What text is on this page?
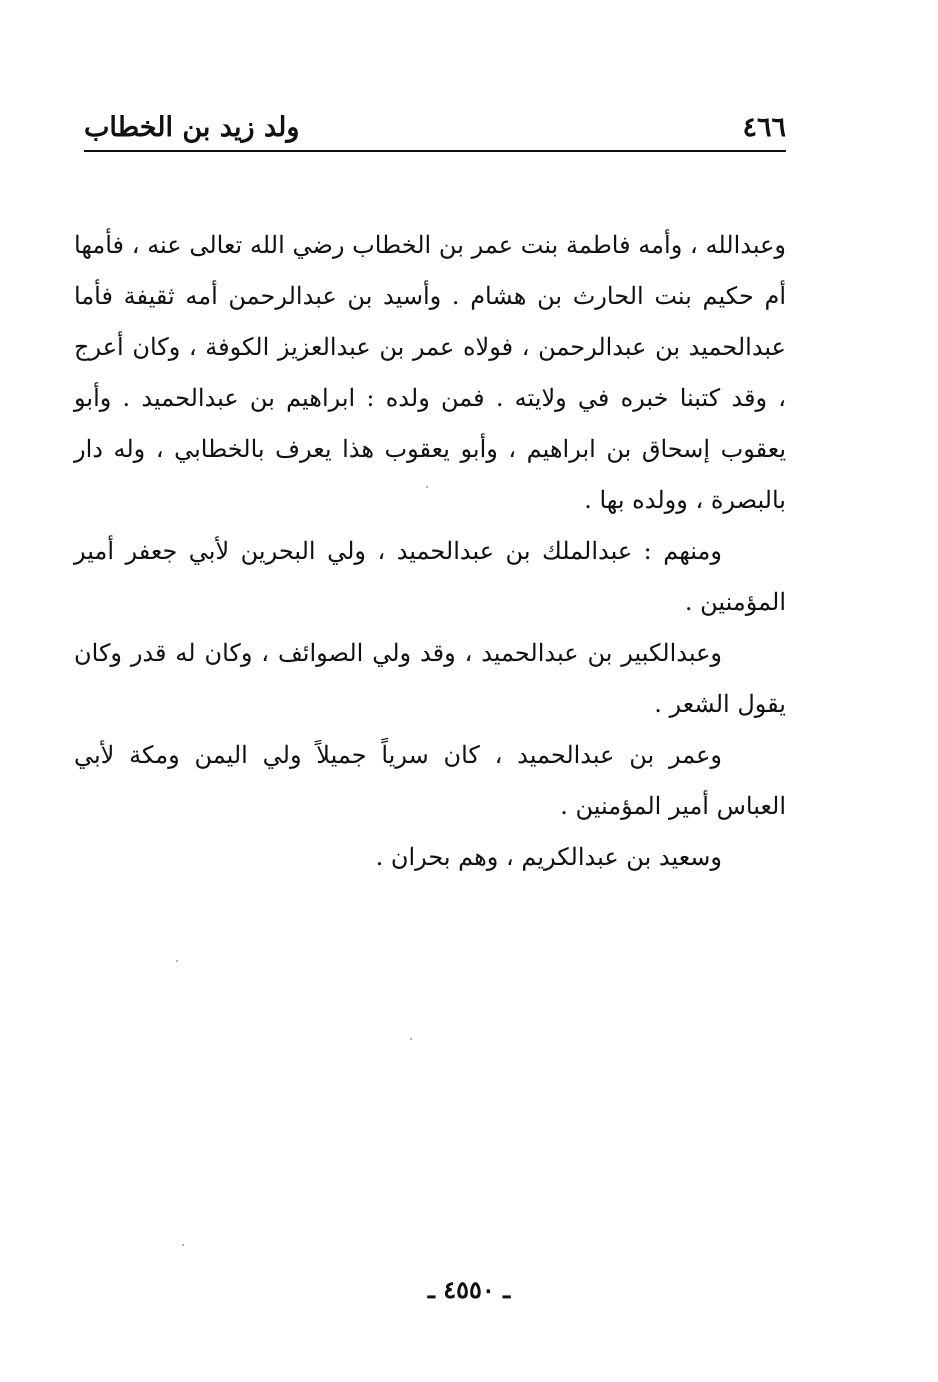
٤٦٦
ولد زيد بن الخطاب

وعبدالله ، وأمه فاطمة بنت عمر بن الخطاب رضي الله تعالى عنه ، فأمها أم حكيم بنت الحارث بن هشام . وأسيد بن عبدالرحمن أمه ثقيفة فأما عبدالحميد بن عبدالرحمن ، فولاه عمر بن عبدالعزيز الكوفة ، وكان أعرج ، وقد كتبنا خبره في ولايته . فمن ولده : ابراهيم بن عبدالحميد . وأبو يعقوب إسحاق بن ابراهيم ، وأبو يعقوب هذا يعرف بالخطابي ، وله دار بالبصرة ، وولده بها .

ومنهم : عبدالملك بن عبدالحميد ، ولي البحرين لأبي جعفر أمير المؤمنين .

وعبدالكبير بن عبدالحميد ، وقد ولي الصوائف ، وكان له قدر وكان يقول الشعر .

وعمر بن عبدالحميد ، كان سرياً جميلاً ولي اليمن ومكة لأبي العباس أمير المؤمنين .

وسعيد بن عبدالكريم ، وهم بحران .

ـ ٤٥٥٠ ـ
